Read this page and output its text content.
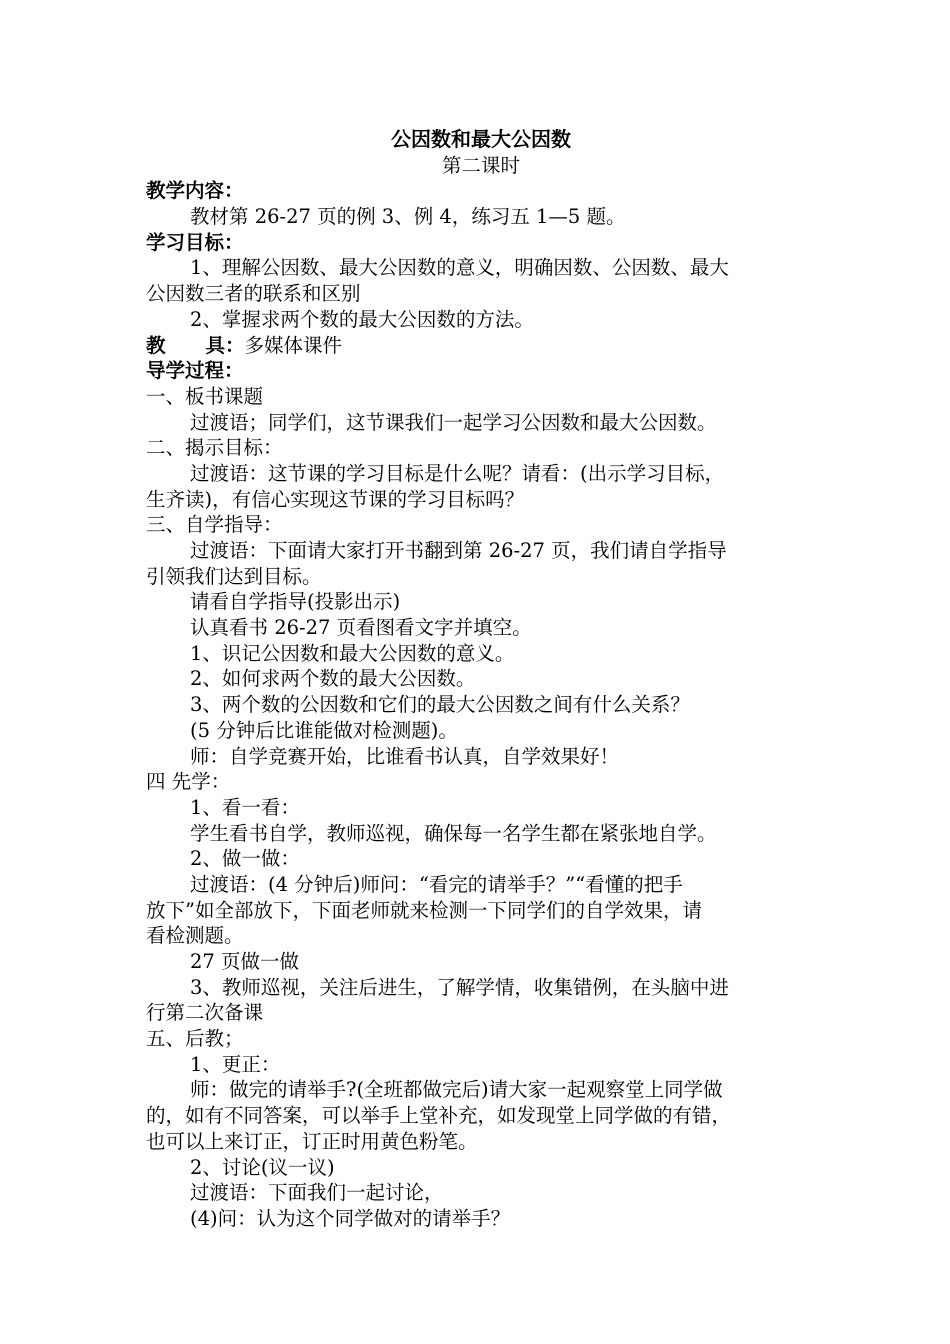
公因数和最大公因数
第二课时
教学内容：
教材第 26-27 页的例 3、例 4，练习五 1—5 题。
学习目标：
1、理解公因数、最大公因数的意义，明确因数、公因数、最大
公因数三者的联系和区别
2、掌握求两个数的最大公因数的方法。
教 具：多媒体课件
导学过程：
一、板书课题
过渡语；同学们，这节课我们一起学习公因数和最大公因数。
二、揭示目标：
过渡语：这节课的学习目标是什么呢？请看：(出示学习目标，
生齐读)，有信心实现这节课的学习目标吗？
三、自学指导：
过渡语：下面请大家打开书翻到第 26-27 页，我们请自学指导
引领我们达到目标。
请看自学指导(投影出示)
认真看书 26-27 页看图看文字并填空。
1、识记公因数和最大公因数的意义。
2、如何求两个数的最大公因数。
3、两个数的公因数和它们的最大公因数之间有什么关系？
(5 分钟后比谁能做对检测题)。
师：自学竞赛开始，比谁看书认真，自学效果好！
四 先学：
1、看一看：
学生看书自学，教师巡视，确保每一名学生都在紧张地自学。
2、做一做：
过渡语：(4 分钟后)师问：“看完的请举手？”“看懂的把手
放下”如全部放下，下面老师就来检测一下同学们的自学效果，请
看检测题。
27 页做一做
3、教师巡视，关注后进生，了解学情，收集错例，在头脑中进
行第二次备课
五、后教；
1、更正：
师：做完的请举手?(全班都做完后)请大家一起观察堂上同学做
的，如有不同答案，可以举手上堂补充，如发现堂上同学做的有错，
也可以上来订正，订正时用黄色粉笔。
2、讨论(议一议)
过渡语：下面我们一起讨论，
(4)问：认为这个同学做对的请举手？
